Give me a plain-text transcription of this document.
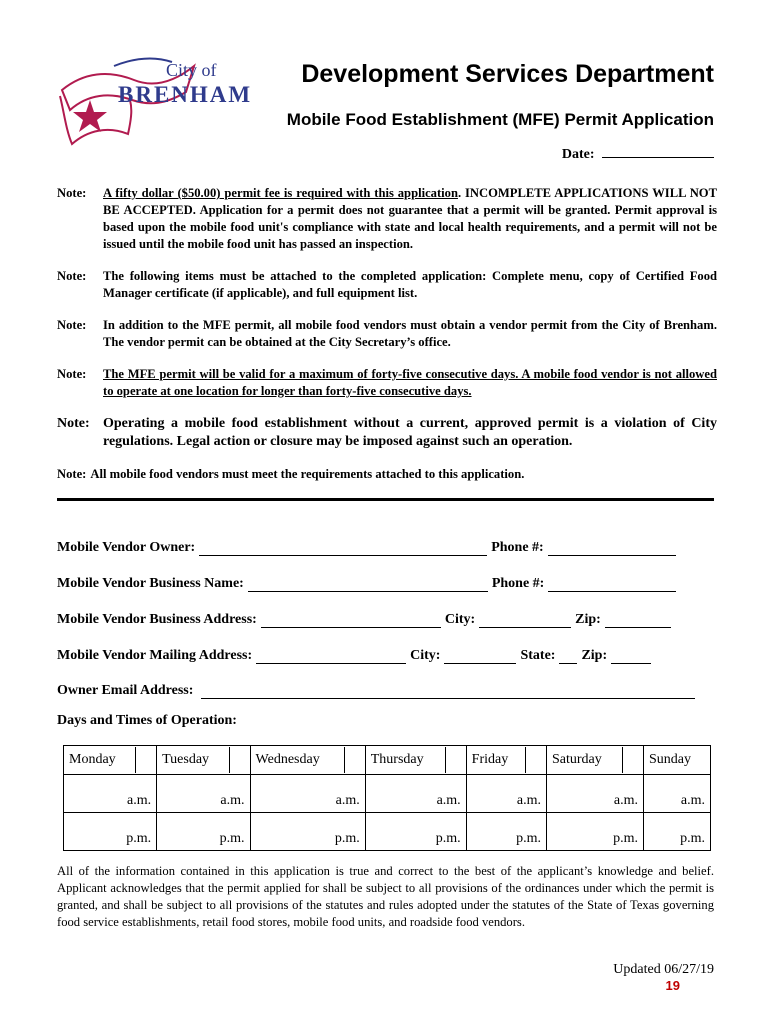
City of
BRENHAM
Development Services Department
Mobile Food Establishment (MFE) Permit Application
Date:
Note:	A fifty dollar ($50.00) permit fee is required with this application. INCOMPLETE APPLICATIONS WILL NOT BE ACCEPTED. Application for a permit does not guarantee that a permit will be granted. Permit approval is based upon the mobile food unit's compliance with state and local health requirements, and a permit will not be issued until the mobile food unit has passed an inspection.
Note:	The following items must be attached to the completed application: Complete menu, copy of Certified Food Manager certificate (if applicable), and full equipment list.
Note:	In addition to the MFE permit, all mobile food vendors must obtain a vendor permit from the City of Brenham. The vendor permit can be obtained at the City Secretary’s office.
Note:	The MFE permit will be valid for a maximum of forty-five consecutive days. A mobile food vendor is not allowed to operate at one location for longer than forty-five consecutive days.
Note: Operating a mobile food establishment without a current, approved permit is a violation of City regulations. Legal action or closure may be imposed against such an operation.
Note: All mobile food vendors must meet the requirements attached to this application.
Mobile Vendor Owner:	Phone #:
Mobile Vendor Business Name:	Phone #:
Mobile Vendor Business Address:	City:	Zip:
Mobile Vendor Mailing Address:	City:	State: Zip:
Owner Email Address:
Days and Times of Operation:
Monday	Tuesday	Wednesday	Thursday	Friday	Saturday	Sunday

a.m.	a.m.	a.m.	a.m.	a.m.	a.m.	a.m.
p.m.	p.m.	p.m.	p.m.	p.m.	p.m.	p.m.
All of the information contained in this application is true and correct to the best of the applicant’s knowledge and belief. Applicant acknowledges that the permit applied for shall be subject to all provisions of the ordinances under which the permit is granted, and shall be subject to all provisions of the statutes and rules adopted under the statutes of the State of Texas governing food service establishments, retail food stores, mobile food units, and roadside food vendors.
Updated 06/27/19
19
